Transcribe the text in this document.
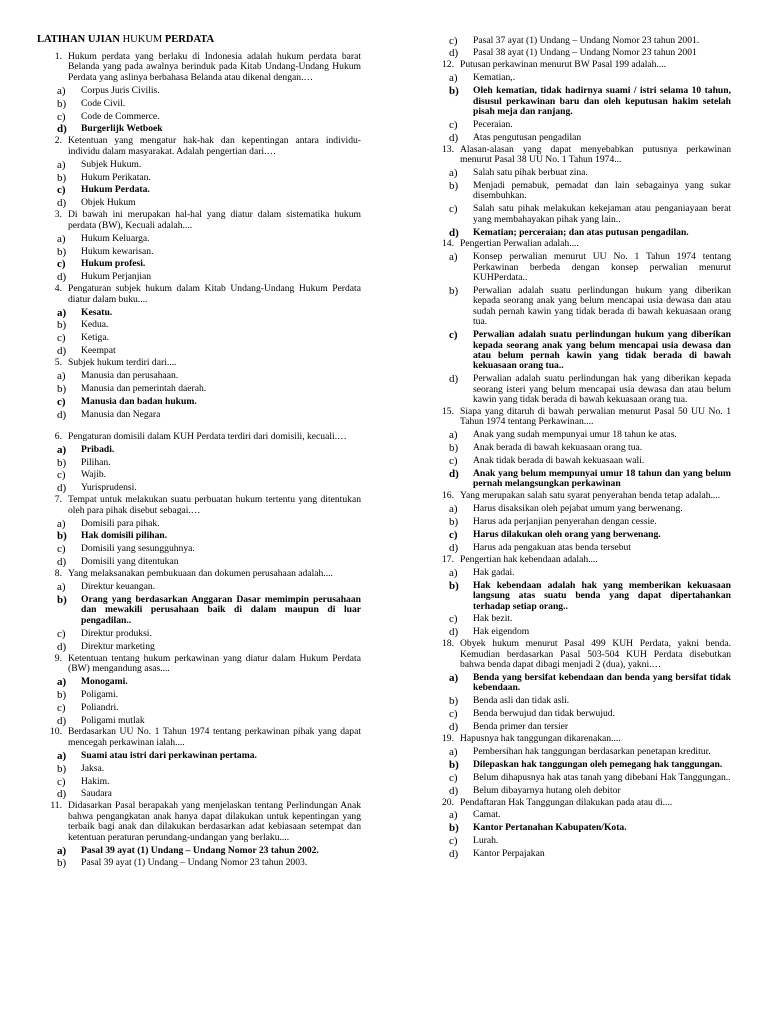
LATIHAN UJIAN HUKUM PERDATA
1. Hukum perdata yang berlaku di Indonesia adalah hukum perdata barat Belanda yang pada awalnya berinduk pada Kitab Undang-Undang Hukum Perdata yang aslinya berbahasa Belanda atau dikenal dengan.…
a)	Corpus Juris Civilis.
b)	Code Civil.
c)	Code de Commerce.
d)	Burgerlijk Wetboek
2. Ketentuan yang mengatur hak-hak dan kepentingan antara individu-individu dalam masyarakat. Adalah pengertian dari.…
a)	Subjek Hukum.
b)	Hukum Perikatan.
c)	Hukum Perdata.
d)	Objek Hukum
3. Di bawah ini merupakan hal-hal yang diatur dalam sistematika hukum perdata (BW), Kecuali adalah....
a)	Hukum Keluarga.
b)	Hukum kewarisan.
c)	Hukum profesi.
d)	Hukum Perjanjian
4. Pengaturan subjek hukum dalam Kitab Undang-Undang Hukum Perdata diatur dalam buku....
a)	Kesatu.
b)	Kedua.
c)	Ketiga.
d)	Keempat
5. Subjek hukum terdiri dari....
a)	Manusia dan perusahaan.
b)	Manusia dan pemerintah daerah.
c)	Manusia dan badan hukum.
d)	Manusia dan Negara
6. Pengaturan domisili dalam KUH Perdata terdiri dari domisili, kecuali.…
a)	Pribadi.
b)	Pilihan.
c)	Wajib.
d)	Yurisprudensi.
7. Tempat untuk melakukan suatu perbuatan hukum tertentu yang ditentukan oleh para pihak disebut sebagai.…
a)	Domisili para pihak.
b)	Hak domisili pilihan.
c)	Domisili yang sesungguhnya.
d)	Domisili yang ditentukan
8. Yang melaksanakan pembukuaan dan dokumen perusahaan adalah....
a)	Direktur keuangan.
b)	Orang yang berdasarkan Anggaran Dasar memimpin perusahaan dan mewakili perusahaan baik di dalam maupun di luar pengadilan..
c)	Direktur produksi.
d)	Direktur marketing
9. Ketentuan tentang hukum perkawinan yang diatur dalam Hukum Perdata (BW) mengandung asas....
a)	Monogami.
b)	Poligami.
c)	Poliandri.
d)	Poligami mutlak
10. Berdasarkan UU No. 1 Tahun 1974 tentang perkawinan pihak yang dapat mencegah perkawinan ialah....
a)	Suami atau istri dari perkawinan pertama.
b)	Jaksa.
c)	Hakim.
d)	Saudara
11. Didasarkan Pasal berapakah yang menjelaskan tentang Perlindungan Anak bahwa pengangkatan anak hanya dapat dilakukan untuk kepentingan yang terbaik bagi anak dan dilakukan berdasarkan adat kebiasaan setempat dan ketentuan peraturan perundang-undangan yang berlaku....
a)	Pasal 39 ayat (1) Undang – Undang Nomor 23 tahun 2002.
b)	Pasal 39 ayat (1) Undang – Undang Nomor 23 tahun 2003.
c)	Pasal 37 ayat (1) Undang – Undang Nomor 23 tahun 2001.
d)	Pasal 38 ayat (1) Undang – Undang Nomor 23 tahun 2001
12. Putusan perkawinan menurut BW Pasal 199 adalah....
a)	Kematian,.
b)	Oleh kematian, tidak hadirnya suami / istri selama 10 tahun, disusul perkawinan baru dan oleh keputusan hakim setelah pisah meja dan ranjang.
c)	Peceraian.
d)	Atas pengutusan pengadilan
13. Alasan-alasan yang dapat menyebabkan putusnya perkawinan menurut Pasal 38 UU No. 1 Tahun 1974...
a)	Salah satu pihak berbuat zina.
b)	Menjadi pemabuk, pemadat dan lain sebagainya yang sukar disembuhkan.
c)	Salah satu pihak melakukan kekejaman atau penganiayaan berat yang membahayakan pihak yang lain..
d)	Kematian; perceraian; dan atas putusan pengadilan.
14. Pengertian Perwalian adalah....
a)	Konsep perwalian menurut UU No. 1 Tahun 1974 tentang Perkawinan berbeda dengan konsep perwalian menurut KUHPerdata..
b)	Perwalian adalah suatu perlindungan hukum yang diberikan kepada seorang anak yang belum mencapai usia dewasa dan atau sudah pernah kawin yang tidak berada di bawah kekuasaan orang tua.
c)	Perwalian adalah suatu perlindungan hukum yang diberikan kepada seorang anak yang belum mencapai usia dewasa dan atau belum pernah kawin yang tidak berada di bawah kekuasaan orang tua..
d)	Perwalian adalah suatu perlindungan hak yang diberikan kepada seorang isteri yang belum mencapai usia dewasa dan atau belum kawin yang tidak berada di bawah kekuasaan orang tua.
15. Siapa yang ditaruh di bawah perwalian menurut Pasal 50 UU No. 1 Tahun 1974 tentang Perkawinan....
a)	Anak yang sudah mempunyai umur 18 tahun ke atas.
b)	Anak berada di bawah kekuasaan orang tua.
c)	Anak tidak berada di bawah kekuasaan wali.
d)	Anak yang belum mempunyai umur 18 tahun dan yang belum pernah melangsungkan perkawinan
16. Yang merupakan salah satu syarat penyerahan benda tetap adalah....
a)	Harus disaksikan oleh pejabat umum yang berwenang.
b)	Harus ada perjanjian penyerahan dengan cessie.
c)	Harus dilakukan oleh orang yang berwenang.
d)	Harus ada pengakuan atas benda tersebut
17. Pengertian hak kebendaan adalah....
a)	Hak gadai.
b)	Hak kebendaan adalah hak yang memberikan kekuasaan langsung atas suatu benda yang dapat dipertahankan terhadap setiap orang..
c)	Hak bezit.
d)	Hak eigendom
18. Obyek hukum menurut Pasal 499 KUH Perdata, yakni benda. Kemudian berdasarkan Pasal 503-504 KUH Perdata disebutkan bahwa benda dapat dibagi menjadi 2 (dua), yakni.…
a)	Benda yang bersifat kebendaan dan benda yang bersifat tidak kebendaan.
b)	Benda asli dan tidak asli.
c)	Benda berwujud dan tidak berwujud.
d)	Benda primer dan tersier
19. Hapusnya hak tanggungan dikarenakan....
a)	Pembersihan hak tanggungan berdasarkan penetapan kreditur.
b)	Dilepaskan hak tanggungan oleh pemegang hak tanggungan.
c)	Belum dihapusnya hak atas tanah yang dibebani Hak Tanggungan..
d)	Belum dibayarnya hutang oleh debitor
20. Pendaftaran Hak Tanggungan dilakukan pada atau di....
a)	Camat.
b)	Kantor Pertanahan Kabupaten/Kota.
c)	Lurah.
d)	Kantor Perpajakan
